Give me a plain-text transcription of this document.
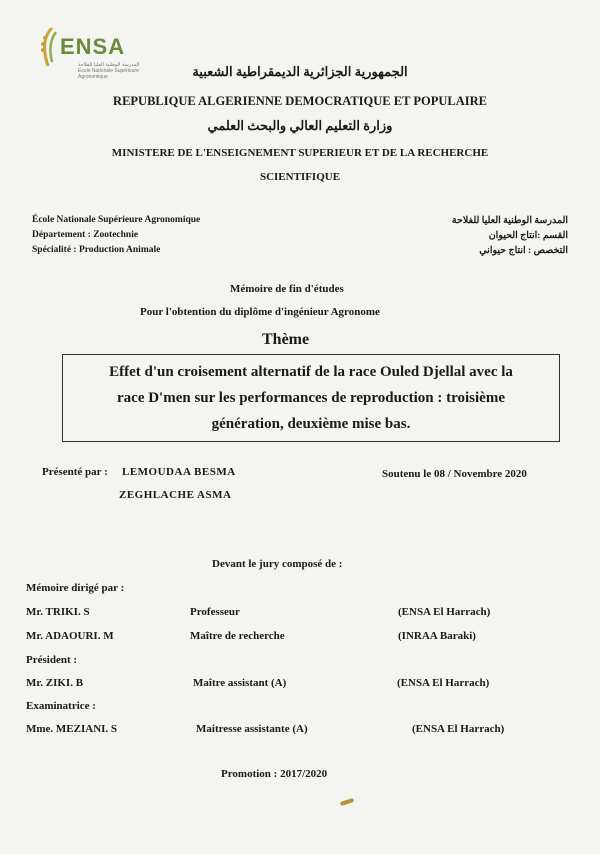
ENSA
المدرسة الوطنية العليا للفلاحة
École Nationale Supérieure Agronomique	الجمهورية الجزائرية الديمقراطية الشعبية
REPUBLIQUE ALGERIENNE DEMOCRATIQUE ET POPULAIRE
وزارة التعليم العالي والبحث العلمي
MINISTERE DE L'ENSEIGNEMENT SUPERIEUR ET DE LA RECHERCHE
SCIENTIFIQUE
École Nationale Supérieure Agronomique
Département : Zootechnie
Spécialité : Production Animale
المدرسة الوطنية العليا للفلاحة
القسم :انتاج الحيوان
التخصص : انتاج حيواني
Mémoire de fin d'études
Pour l'obtention du diplôme d'ingénieur Agronome
Thème
Effet d'un croisement alternatif de la race Ouled Djellal avec la
race D'men sur les performances de reproduction : troisième
génération, deuxième mise bas.
Présenté par : LEMOUDAA BESMA
ZEGHLACHE ASMA
Soutenu le 08 / Novembre 2020
Devant le jury composé de :
Mémoire dirigé par :
Mr. TRIKI. S	Professeur	(ENSA El Harrach)
Mr. ADAOURI. M	Maître de recherche	(INRAA Baraki)
Président :
Mr. ZIKI. B	Maître assistant (A)	(ENSA El Harrach)
Examinatrice :
Mme. MEZIANI. S	Maitresse assistante (A)	(ENSA El Harrach)
Promotion : 2017/2020
